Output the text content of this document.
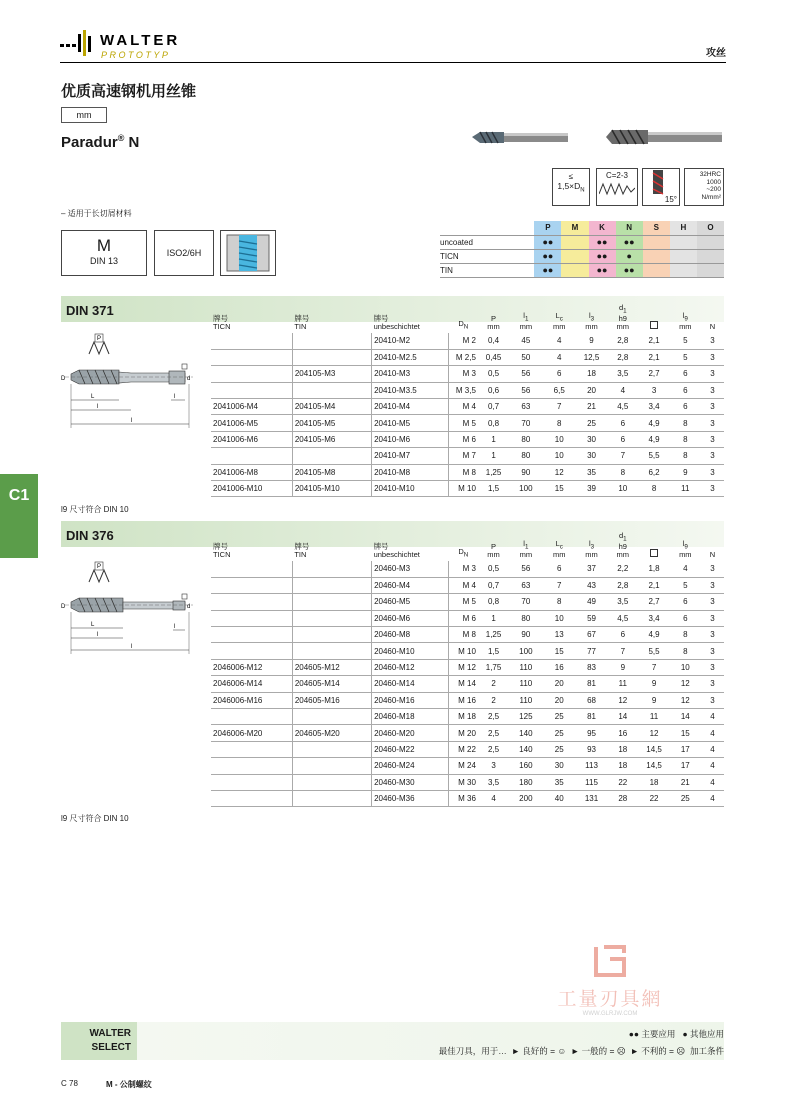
WALTER
PROTOTYP	攻丝
优质高速钢机用丝锥
mm
Paradur® N
≤
$1,5\times D_N$
C=2-3
15°
32HRC
1000
~200
N/mm²
– 适用于长切屑材料
M
DIN 13
ISO2/6H
	P	M	K	N	S	H	O
uncoated	●●		●●	●●			
TICN	●●		●●	●			
TIN	●●		●●	●●			
DIN 371
牌号
TICN	牌号
TIN	牌号
unbeschichtet	$D_N$	P
mm	$l_1$
mm	$L_c$
mm	$l_3$
mm	$d_1$
h9
mm		$l_9$
mm	N
		20410-M2	M 2	0,4	45	4	9	2,8	2,1	5	3
		20410-M2.5	M 2,5	0,45	50	4	12,5	2,8	2,1	5	3
	204105-M3	20410-M3	M 3	0,5	56	6	18	3,5	2,7	6	3
		20410-M3.5	M 3,5	0,6	56	6,5	20	4	3	6	3
2041006-M4	204105-M4	20410-M4	M 4	0,7	63	7	21	4,5	3,4	6	3
2041006-M5	204105-M5	20410-M5	M 5	0,8	70	8	25	6	4,9	8	3
2041006-M6	204105-M6	20410-M6	M 6	1	80	10	30	6	4,9	8	3
		20410-M7	M 7	1	80	10	30	7	5,5	8	3
2041006-M8	204105-M8	20410-M8	M 8	1,25	90	12	35	8	6,2	9	3
2041006-M10	204105-M10	20410-M10	M 10	1,5	100	15	39	10	8	11	3
P
D	d
L
l
l
l
l9 尺寸符合 DIN 10
C1
DIN 376
牌号
TICN	牌号
TIN	牌号
unbeschichtet	$D_N$	P
mm	$l_1$
mm	$L_c$
mm	$l_3$
mm	$d_1$
h9
mm		$l_9$
mm	N
		20460-M3	M 3	0,5	56	6	37	2,2	1,8	4	3
		20460-M4	M 4	0,7	63	7	43	2,8	2,1	5	3
		20460-M5	M 5	0,8	70	8	49	3,5	2,7	6	3
		20460-M6	M 6	1	80	10	59	4,5	3,4	6	3
		20460-M8	M 8	1,25	90	13	67	6	4,9	8	3
		20460-M10	M 10	1,5	100	15	77	7	5,5	8	3
2046006-M12	204605-M12	20460-M12	M 12	1,75	110	16	83	9	7	10	3
2046006-M14	204605-M14	20460-M14	M 14	2	110	20	81	11	9	12	3
2046006-M16	204605-M16	20460-M16	M 16	2	110	20	68	12	9	12	3
		20460-M18	M 18	2,5	125	25	81	14	11	14	4
2046006-M20	204605-M20	20460-M20	M 20	2,5	140	25	95	16	12	15	4
		20460-M22	M 22	2,5	140	25	93	18	14,5	17	4
		20460-M24	M 24	3	160	30	113	18	14,5	17	4
		20460-M30	M 30	3,5	180	35	115	22	18	21	4
		20460-M36	M 36	4	200	40	131	28	22	25	4
P
D	d
L
l
l
l
l9 尺寸符合 DIN 10
工量刃具網
WWW.GLRJW.COM
WALTER
SELECT
●● 主要应用 ● 其他应用
最佳刀具，用于… ► 良好的 = ☺ ► 一般的 = ☹ ► 不利的 = ☹ 加工条件
C 78	M - 公制螺纹
